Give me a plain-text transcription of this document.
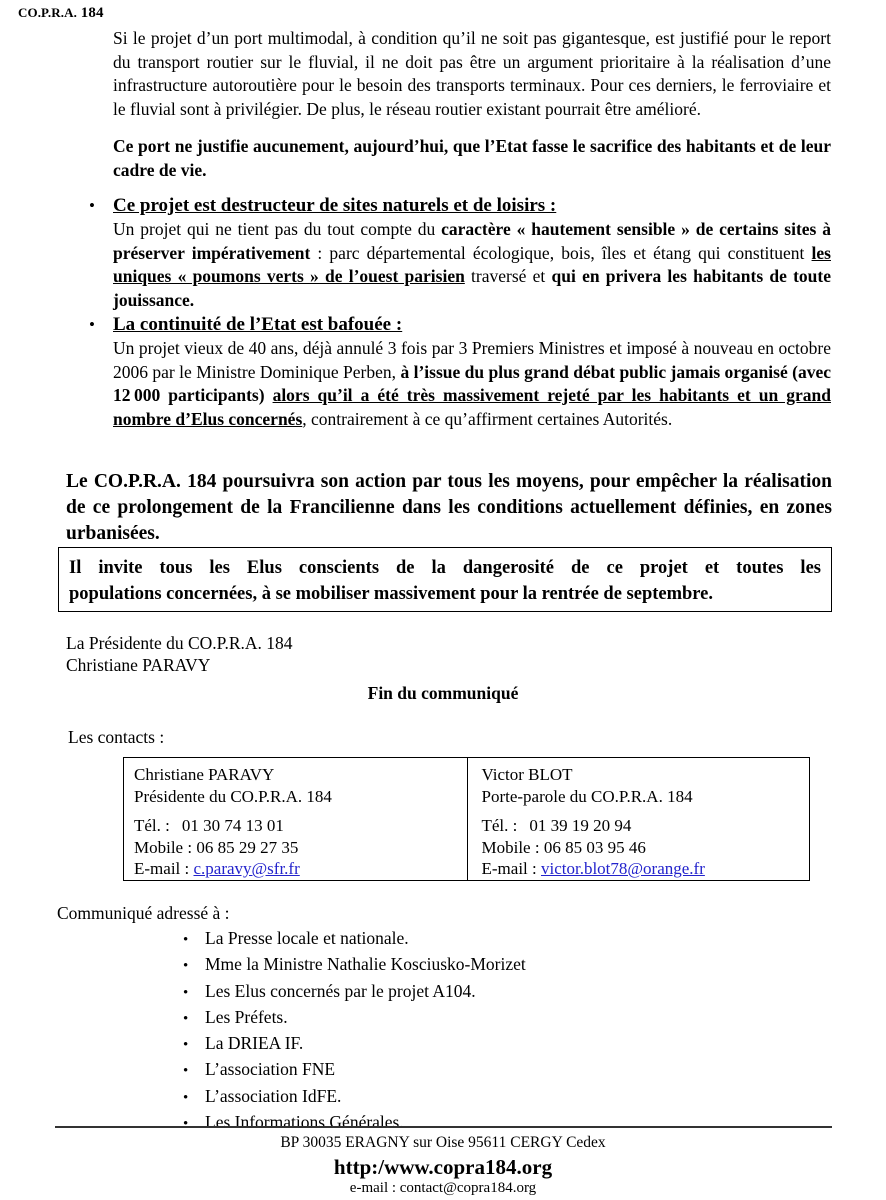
CO.P.R.A. 184

Si le projet d’un port multimodal, à condition qu’il ne soit pas gigantesque, est justifié pour le report du transport routier sur le fluvial, il ne doit pas être un argument prioritaire à la réalisation d’une infrastructure autoroutière pour le besoin des transports terminaux. Pour ces derniers, le ferroviaire et le fluvial sont à privilégier. De plus, le réseau routier existant pourrait être amélioré.

Ce port ne justifie aucunement, aujourd’hui, que l’Etat fasse le sacrifice des habitants et de leur cadre de vie.

• Ce projet est destructeur de sites naturels et de loisirs :

Un projet qui ne tient pas du tout compte du caractère « hautement sensible » de certains sites à préserver impérativement : parc départemental écologique, bois, îles et étang qui constituent les uniques « poumons verts » de l’ouest parisien traversé et qui en privera les habitants de toute jouissance.

• La continuité de l’Etat est bafouée :

Un projet vieux de 40 ans, déjà annulé 3 fois par 3 Premiers Ministres et imposé à nouveau en octobre 2006 par le Ministre Dominique Perben, à l’issue du plus grand débat public jamais organisé (avec 12 000 participants) alors qu’il a été très massivement rejeté par les habitants et un grand nombre d’Elus concernés, contrairement à ce qu’affirment certaines Autorités.

Le CO.P.R.A. 184 poursuivra son action par tous les moyens, pour empêcher la réalisation de ce prolongement de la Francilienne dans les conditions actuellement définies, en zones urbanisées.

Il invite tous les Elus conscients de la dangerosité de ce projet et toutes les

populations concernées, à se mobiliser massivement pour la rentrée de septembre.

La Présidente du CO.P.R.A. 184
Christiane PARAVY
Fin du communiqué
Les contacts :
Christiane PARAVY
Présidente du CO.P.R.A. 184
Tél. : 01 30 74 13 01
Mobile : 06 85 29 27 35
E-mail : c.paravy@sfr.fr
Victor BLOT
Porte-parole du CO.P.R.A. 184
Tél. : 01 39 19 20 94
Mobile : 06 85 03 95 46
E-mail : victor.blot78@orange.fr
Communiqué adressé à :
• La Presse locale et nationale.
• Mme la Ministre Nathalie Kosciusko-Morizet
• Les Elus concernés par le projet A104.
• Les Préfets.
• La DRIEA IF.
• L’association FNE
• L’association IdFE.
• Les Informations Générales.
BP 30035 ERAGNY sur Oise 95611 CERGY Cedex
http:/www.copra184.org
e-mail : contact@copra184.org
